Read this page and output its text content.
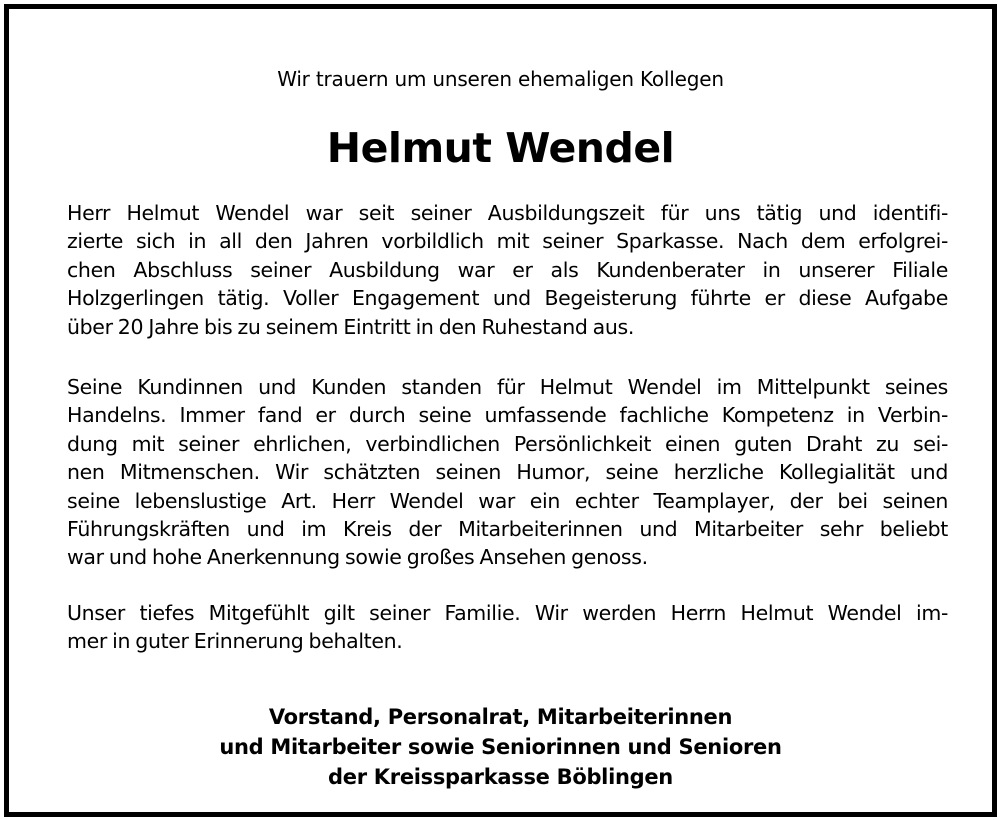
Wir trauern um unseren ehemaligen Kollegen
Helmut Wendel
Herr Helmut Wendel war seit seiner Ausbildungszeit für uns tätig und identifi-
zierte sich in all den Jahren vorbildlich mit seiner Sparkasse. Nach dem erfolgrei-
chen Abschluss seiner Ausbildung war er als Kundenberater in unserer Filiale
Holzgerlingen tätig. Voller Engagement und Begeisterung führte er diese Aufgabe
über 20 Jahre bis zu seinem Eintritt in den Ruhestand aus.
Seine Kundinnen und Kunden standen für Helmut Wendel im Mittelpunkt seines
Handelns. Immer fand er durch seine umfassende fachliche Kompetenz in Verbin-
dung mit seiner ehrlichen, verbindlichen Persönlichkeit einen guten Draht zu sei-
nen Mitmenschen. Wir schätzten seinen Humor, seine herzliche Kollegialität und
seine lebenslustige Art. Herr Wendel war ein echter Teamplayer, der bei seinen
Führungskräften und im Kreis der Mitarbeiterinnen und Mitarbeiter sehr beliebt
war und hohe Anerkennung sowie großes Ansehen genoss.
Unser tiefes Mitgefühlt gilt seiner Familie. Wir werden Herrn Helmut Wendel im-
mer in guter Erinnerung behalten.
Vorstand, Personalrat, Mitarbeiterinnen
und Mitarbeiter sowie Seniorinnen und Senioren
der Kreissparkasse Böblingen
